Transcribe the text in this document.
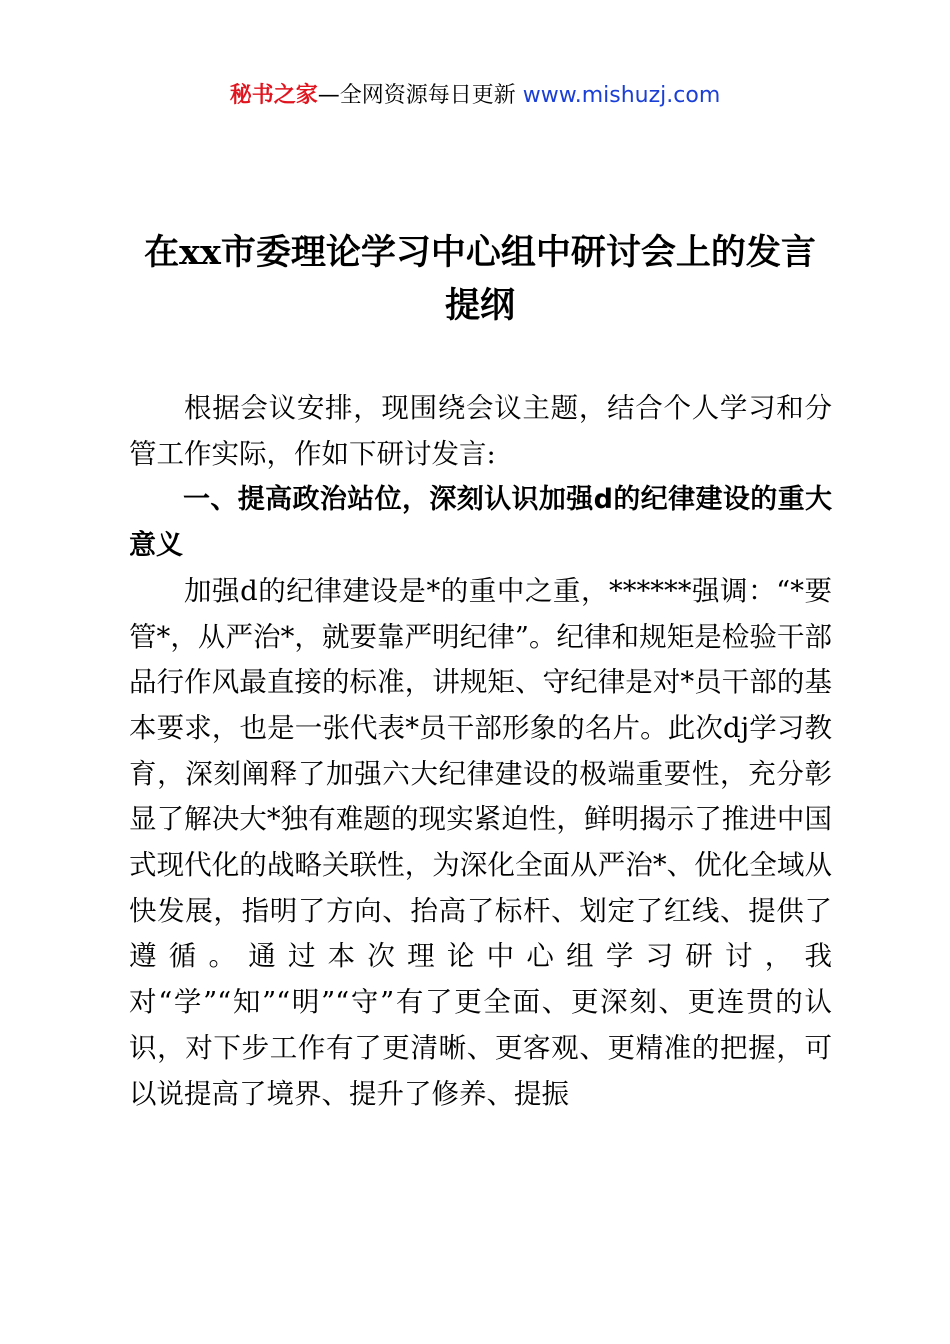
秘书之家—全网资源每日更新 www.mishuzj.com
在xx市委理论学习中心组中研讨会上的发言提纲

根据会议安排，现围绕会议主题，结合个人学习和分管工作实际，作如下研讨发言:

一、提高政治站位，深刻认识加强d的纪律建设的重大意义

加强d的纪律建设是*的重中之重，******强调：“*要管*，从严治*，就要靠严明纪律”。纪律和规矩是检验干部品行作风最直接的标准，讲规矩、守纪律是对*员干部的基本要求，也是一张代表*员干部形象的名片。此次dj学习教育，深刻阐释了加强六大纪律建设的极端重要性，充分彰显了解决大*独有难题的现实紧迫性，鲜明揭示了推进中国式现代化的战略关联性，为深化全面从严治*、优化全域从快发展，指明了方向、抬高了标杆、划定了红线、提供了遵循。通过本次理论中心组学习研讨，我对“学”“知”“明”“守”有了更全面、更深刻、更连贯的认识，对下步工作有了更清晰、更客观、更精准的把握，可以说提高了境界、提升了修养、提振
